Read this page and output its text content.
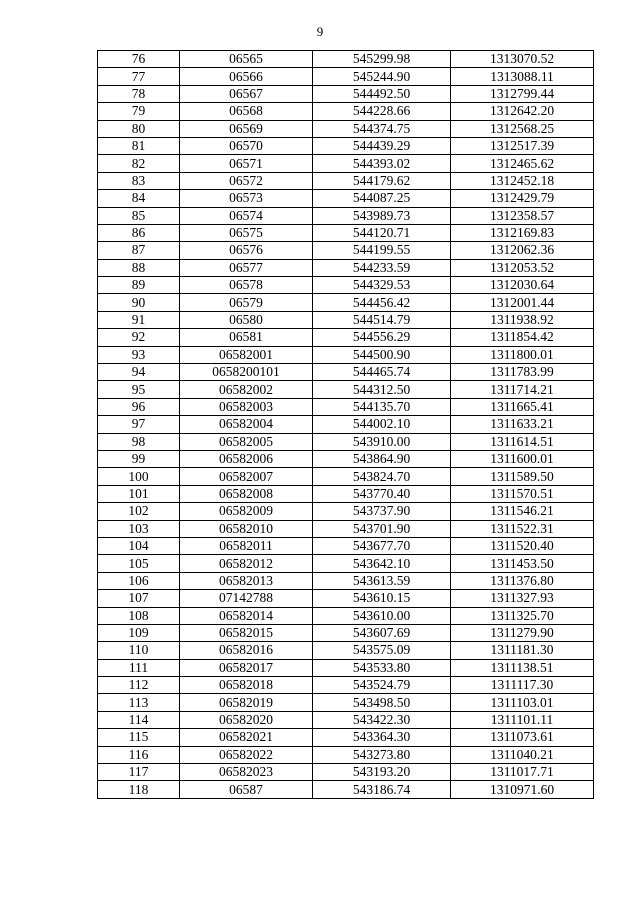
9
76	06565	545299.98	1313070.52
77	06566	545244.90	1313088.11
78	06567	544492.50	1312799.44
79	06568	544228.66	1312642.20
80	06569	544374.75	1312568.25
81	06570	544439.29	1312517.39
82	06571	544393.02	1312465.62
83	06572	544179.62	1312452.18
84	06573	544087.25	1312429.79
85	06574	543989.73	1312358.57
86	06575	544120.71	1312169.83
87	06576	544199.55	1312062.36
88	06577	544233.59	1312053.52
89	06578	544329.53	1312030.64
90	06579	544456.42	1312001.44
91	06580	544514.79	1311938.92
92	06581	544556.29	1311854.42
93	06582001	544500.90	1311800.01
94	0658200101	544465.74	1311783.99
95	06582002	544312.50	1311714.21
96	06582003	544135.70	1311665.41
97	06582004	544002.10	1311633.21
98	06582005	543910.00	1311614.51
99	06582006	543864.90	1311600.01
100	06582007	543824.70	1311589.50
101	06582008	543770.40	1311570.51
102	06582009	543737.90	1311546.21
103	06582010	543701.90	1311522.31
104	06582011	543677.70	1311520.40
105	06582012	543642.10	1311453.50
106	06582013	543613.59	1311376.80
107	07142788	543610.15	1311327.93
108	06582014	543610.00	1311325.70
109	06582015	543607.69	1311279.90
110	06582016	543575.09	1311181.30
111	06582017	543533.80	1311138.51
112	06582018	543524.79	1311117.30
113	06582019	543498.50	1311103.01
114	06582020	543422.30	1311101.11
115	06582021	543364.30	1311073.61
116	06582022	543273.80	1311040.21
117	06582023	543193.20	1311017.71
118	06587	543186.74	1310971.60
